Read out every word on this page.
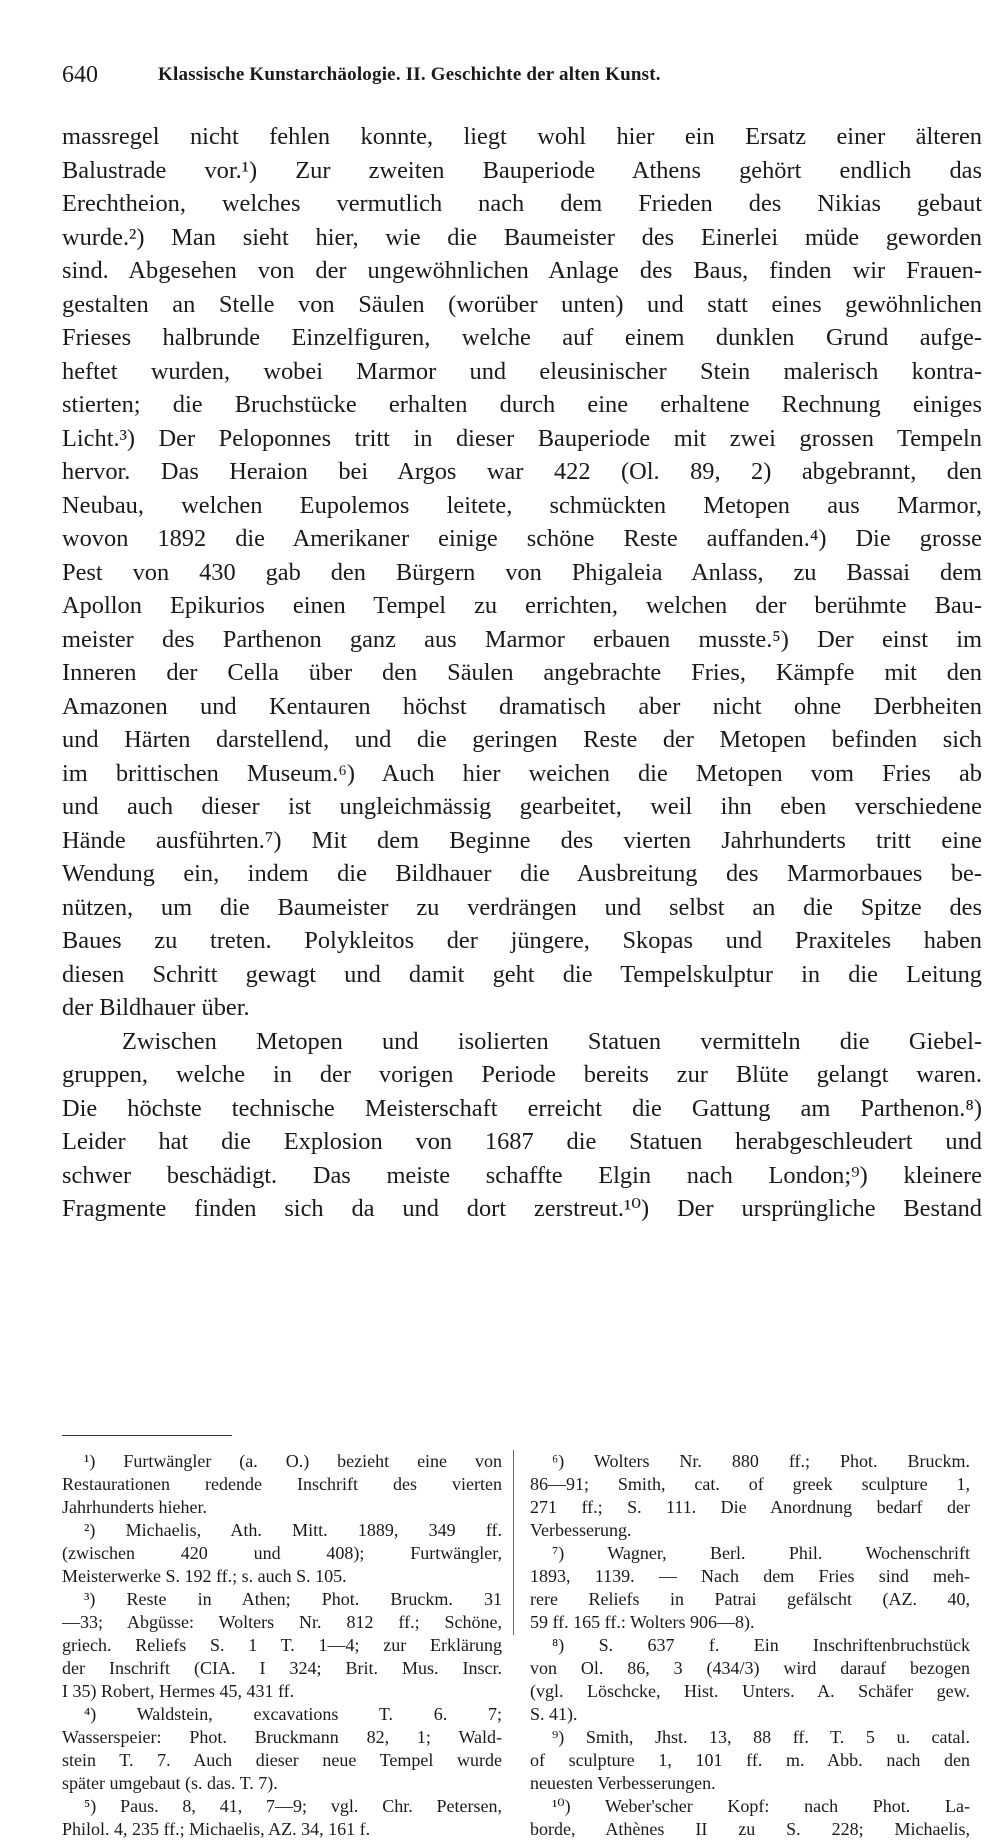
640	Klassische Kunstarchäologie. II. Geschichte der alten Kunst.
massregel nicht fehlen konnte, liegt wohl hier ein Ersatz einer älteren
Balustrade vor.¹) Zur zweiten Bauperiode Athens gehört endlich das
Erechtheion, welches vermutlich nach dem Frieden des Nikias gebaut
wurde.²) Man sieht hier, wie die Baumeister des Einerlei müde geworden
sind. Abgesehen von der ungewöhnlichen Anlage des Baus, finden wir Frauen-
gestalten an Stelle von Säulen (worüber unten) und statt eines gewöhnlichen
Frieses halbrunde Einzelfiguren, welche auf einem dunklen Grund aufge-
heftet wurden, wobei Marmor und eleusinischer Stein malerisch kontra-
stierten; die Bruchstücke erhalten durch eine erhaltene Rechnung einiges
Licht.³) Der Peloponnes tritt in dieser Bauperiode mit zwei grossen Tempeln
hervor. Das Heraion bei Argos war 422 (Ol. 89, 2) abgebrannt, den
Neubau, welchen Eupolemos leitete, schmückten Metopen aus Marmor,
wovon 1892 die Amerikaner einige schöne Reste auffanden.⁴) Die grosse
Pest von 430 gab den Bürgern von Phigaleia Anlass, zu Bassai dem
Apollon Epikurios einen Tempel zu errichten, welchen der berühmte Bau-
meister des Parthenon ganz aus Marmor erbauen musste.⁵) Der einst im
Inneren der Cella über den Säulen angebrachte Fries, Kämpfe mit den
Amazonen und Kentauren höchst dramatisch aber nicht ohne Derbheiten
und Härten darstellend, und die geringen Reste der Metopen befinden sich
im brittischen Museum.⁶) Auch hier weichen die Metopen vom Fries ab
und auch dieser ist ungleichmässig gearbeitet, weil ihn eben verschiedene
Hände ausführten.⁷) Mit dem Beginne des vierten Jahrhunderts tritt eine
Wendung ein, indem die Bildhauer die Ausbreitung des Marmorbaues be-
nützen, um die Baumeister zu verdrängen und selbst an die Spitze des
Baues zu treten. Polykleitos der jüngere, Skopas und Praxiteles haben
diesen Schritt gewagt und damit geht die Tempelskulptur in die Leitung
der Bildhauer über.
Zwischen Metopen und isolierten Statuen vermitteln die Giebel-
gruppen, welche in der vorigen Periode bereits zur Blüte gelangt waren.
Die höchste technische Meisterschaft erreicht die Gattung am Parthenon.⁸)
Leider hat die Explosion von 1687 die Statuen herabgeschleudert und
schwer beschädigt. Das meiste schaffte Elgin nach London;⁹) kleinere
Fragmente finden sich da und dort zerstreut.¹⁰) Der ursprüngliche Bestand
¹) Furtwängler (a. O.) bezieht eine von
Restaurationen redende Inschrift des vierten
Jahrhunderts hieher.
²) Michaelis, Ath. Mitt. 1889, 349 ff.
(zwischen 420 und 408); Furtwängler,
Meisterwerke S. 192 ff.; s. auch S. 105.
³) Reste in Athen; Phot. Bruckm. 31
—33; Abgüsse: Wolters Nr. 812 ff.; Schöne,
griech. Reliefs S. 1 T. 1—4; zur Erklärung
der Inschrift (CIA. I 324; Brit. Mus. Inscr.
I 35) Robert, Hermes 45, 431 ff.
⁴) Waldstein, excavations T. 6. 7;
Wasserspeier: Phot. Bruckmann 82, 1; Wald-
stein T. 7. Auch dieser neue Tempel wurde
später umgebaut (s. das. T. 7).
⁵) Paus. 8, 41, 7—9; vgl. Chr. Petersen,
Philol. 4, 235 ff.; Michaelis, AZ. 34, 161 f.
⁶) Wolters Nr. 880 ff.; Phot. Bruckm.
86—91; Smith, cat. of greek sculpture 1,
271 ff.; S. 111. Die Anordnung bedarf der
Verbesserung.
⁷) Wagner, Berl. Phil. Wochenschrift
1893, 1139. — Nach dem Fries sind meh-
rere Reliefs in Patrai gefälscht (AZ. 40,
59 ff. 165 ff.: Wolters 906—8).
⁸) S. 637 f. Ein Inschriftenbruchstück
von Ol. 86, 3 (434/3) wird darauf bezogen
(vgl. Löschcke, Hist. Unters. A. Schäfer gew.
S. 41).
⁹) Smith, Jhst. 13, 88 ff. T. 5 u. catal.
of sculpture 1, 101 ff. m. Abb. nach den
neuesten Verbesserungen.
¹⁰) Weber'scher Kopf: nach Phot. La-
borde, Athènes II zu S. 228; Michaelis,
